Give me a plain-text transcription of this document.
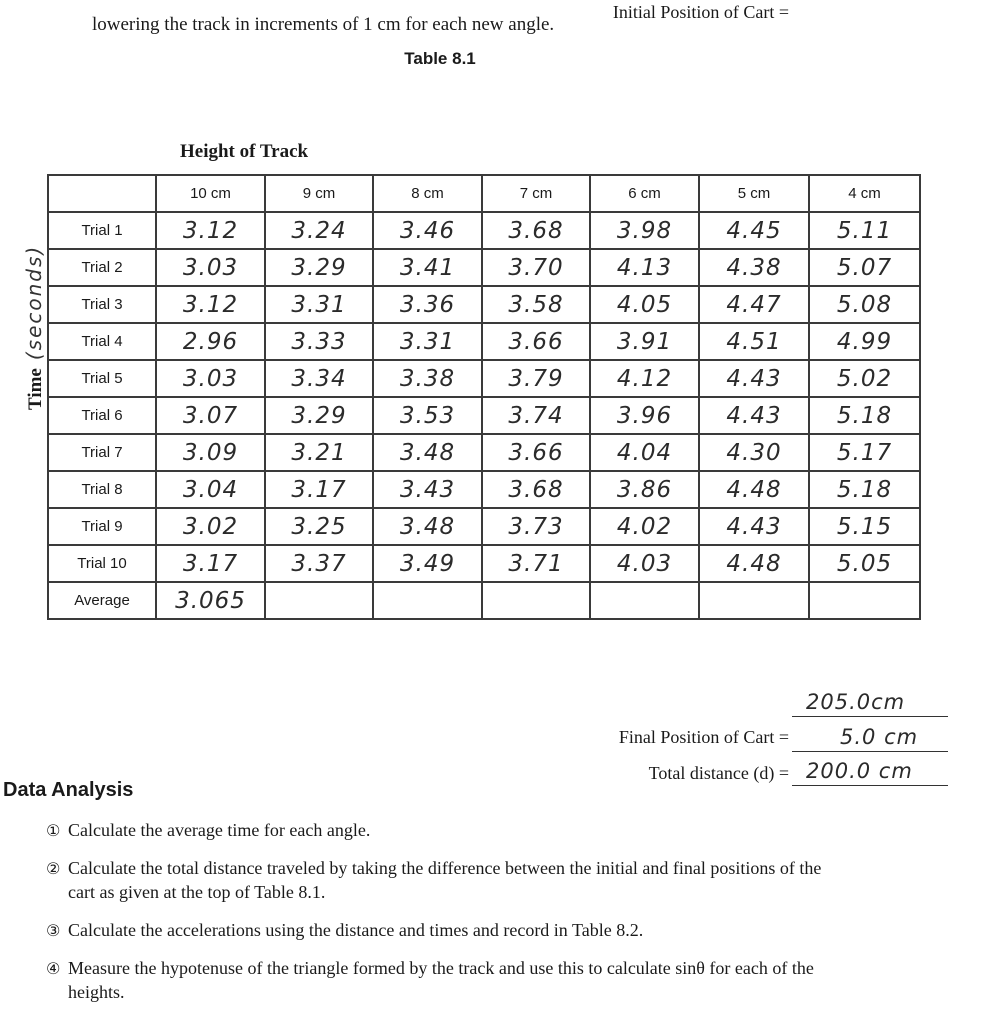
lowering the track in increments of 1 cm for each new angle.
Table 8.1
Height of Track
Time(seconds)
	10 cm	9 cm	8 cm	7 cm	6 cm	5 cm	4 cm
Trial 1	3.12	3.24	3.46	3.68	3.98	4.45	5.11
Trial 2	3.03	3.29	3.41	3.70	4.13	4.38	5.07
Trial 3	3.12	3.31	3.36	3.58	4.05	4.47	5.08
Trial 4	2.96	3.33	3.31	3.66	3.91	4.51	4.99
Trial 5	3.03	3.34	3.38	3.79	4.12	4.43	5.02
Trial 6	3.07	3.29	3.53	3.74	3.96	4.43	5.18
Trial 7	3.09	3.21	3.48	3.66	4.04	4.30	5.17
Trial 8	3.04	3.17	3.43	3.68	3.86	4.48	5.18
Trial 9	3.02	3.25	3.48	3.73	4.02	4.43	5.15
Trial 10	3.17	3.37	3.49	3.71	4.03	4.48	5.05
Average	3.065						
Initial Position of Cart =
205.0cm
Final Position of Cart =	5.0 cm
Total distance (d) = 200.0 cm
Data Analysis
① Calculate the average time for each angle.
② Calculate the total distance traveled by taking the difference between the initial and final positions of the cart as given at the top of Table 8.1.
③ Calculate the accelerations using the distance and times and record in Table 8.2.
④ Measure the hypotenuse of the triangle formed by the track and use this to calculate sinθ for each of the heights.
